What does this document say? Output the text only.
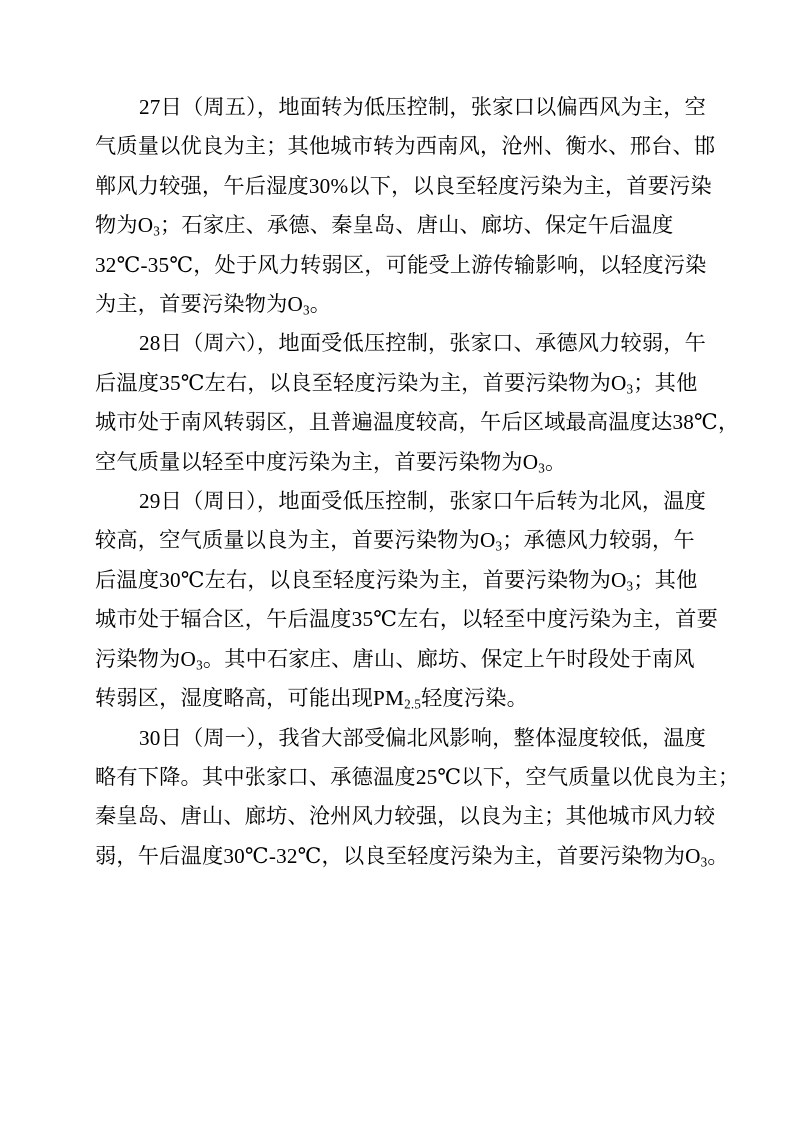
27日（周五），地面转为低压控制，张家口以偏西风为主，空
气质量以优良为主；其他城市转为西南风，沧州、衡水、邢台、邯
郸风力较强，午后湿度30%以下，以良至轻度污染为主，首要污染
物为$O_3$；石家庄、承德、秦皇岛、唐山、廊坊、保定午后温度
32℃-35℃，处于风力转弱区，可能受上游传输影响，以轻度污染
为主，首要污染物为$O_3$。
28日（周六），地面受低压控制，张家口、承德风力较弱，午
后温度35℃左右，以良至轻度污染为主，首要污染物为$O_3$；其他
城市处于南风转弱区，且普遍温度较高，午后区域最高温度达38℃，
空气质量以轻至中度污染为主，首要污染物为$O_3$。
29日（周日），地面受低压控制，张家口午后转为北风，温度
较高，空气质量以良为主，首要污染物为$O_3$；承德风力较弱，午
后温度30℃左右，以良至轻度污染为主，首要污染物为$O_3$；其他
城市处于辐合区，午后温度35℃左右，以轻至中度污染为主，首要
污染物为$O_3$。其中石家庄、唐山、廊坊、保定上午时段处于南风
转弱区，湿度略高，可能出现$PM_{2.5}$轻度污染。
30日（周一），我省大部受偏北风影响，整体湿度较低，温度
略有下降。其中张家口、承德温度25℃以下，空气质量以优良为主；
秦皇岛、唐山、廊坊、沧州风力较强，以良为主；其他城市风力较
弱，午后温度30℃-32℃，以良至轻度污染为主，首要污染物为$O_3$。
